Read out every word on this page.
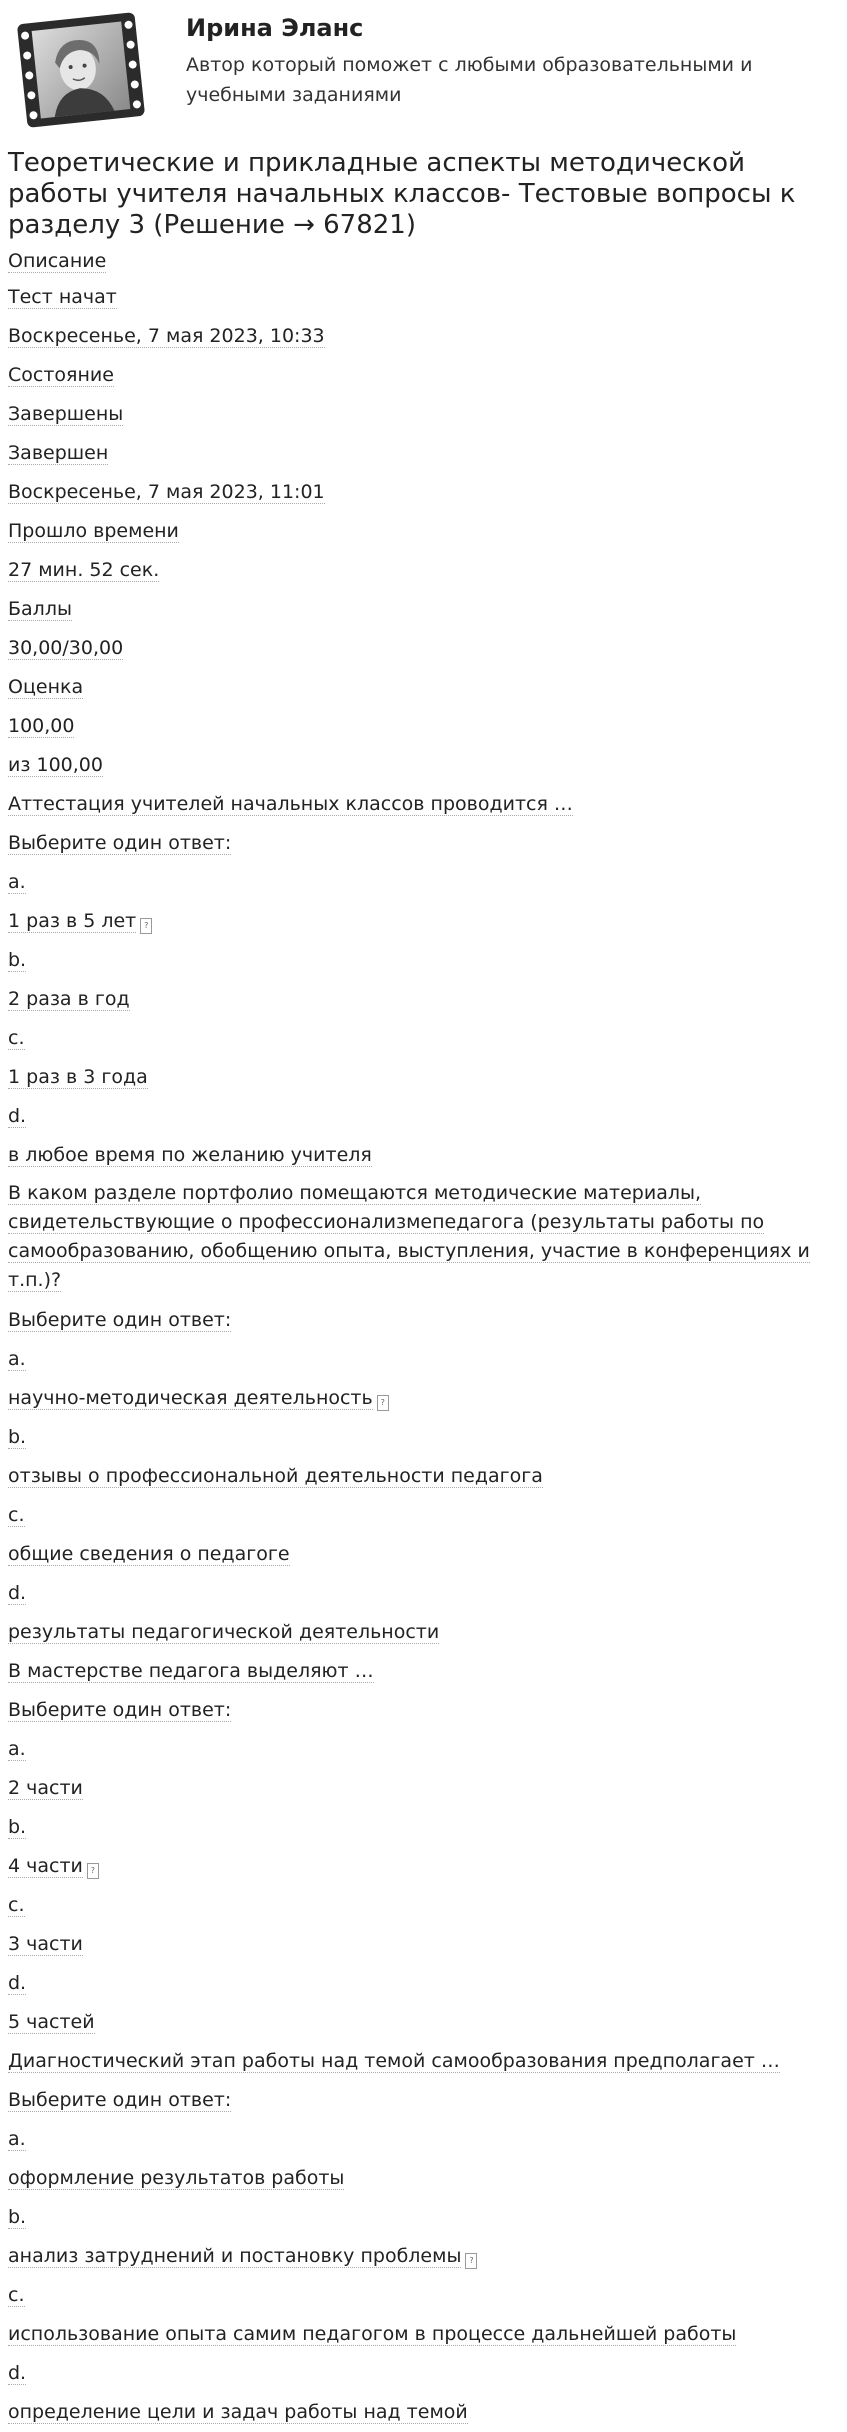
Ирина Эланс
Автор который поможет с любыми образовательными и учебными заданиями
Теоретические и прикладные аспекты методической работы учителя начальных классов- Тестовые вопросы к разделу 3 (Решение → 67821)
Описание
Тест начат
Воскресенье, 7 мая 2023, 10:33
Состояние
Завершены
Завершен
Воскресенье, 7 мая 2023, 11:01
Прошло времени
27 мин. 52 сек.
Баллы
30,00/30,00
Оценка
100,00
из 100,00
Аттестация учителей начальных классов проводится …
Выберите один ответ:
a.
1 раз в 5 лет ?
b.
2 раза в год
c.
1 раз в 3 года
d.
в любое время по желанию учителя
В каком разделе портфолио помещаются методические материалы, свидетельствующие о профессионализмепедагога (результаты работы по самообразованию, обобщению опыта, выступления, участие в конференциях и т.п.)?
Выберите один ответ:
a.
научно-методическая деятельность ?
b.
отзывы о профессиональной деятельности педагога
c.
общие сведения о педагоге
d.
результаты педагогической деятельности
В мастерстве педагога выделяют …
Выберите один ответ:
a.
2 части
b.
4 части ?
c.
3 части
d.
5 частей
Диагностический этап работы над темой самообразования предполагает …
Выберите один ответ:
a.
оформление результатов работы
b.
анализ затруднений и постановку проблемы ?
c.
использование опыта самим педагогом в процессе дальнейшей работы
d.
определение цели и задач работы над темой
